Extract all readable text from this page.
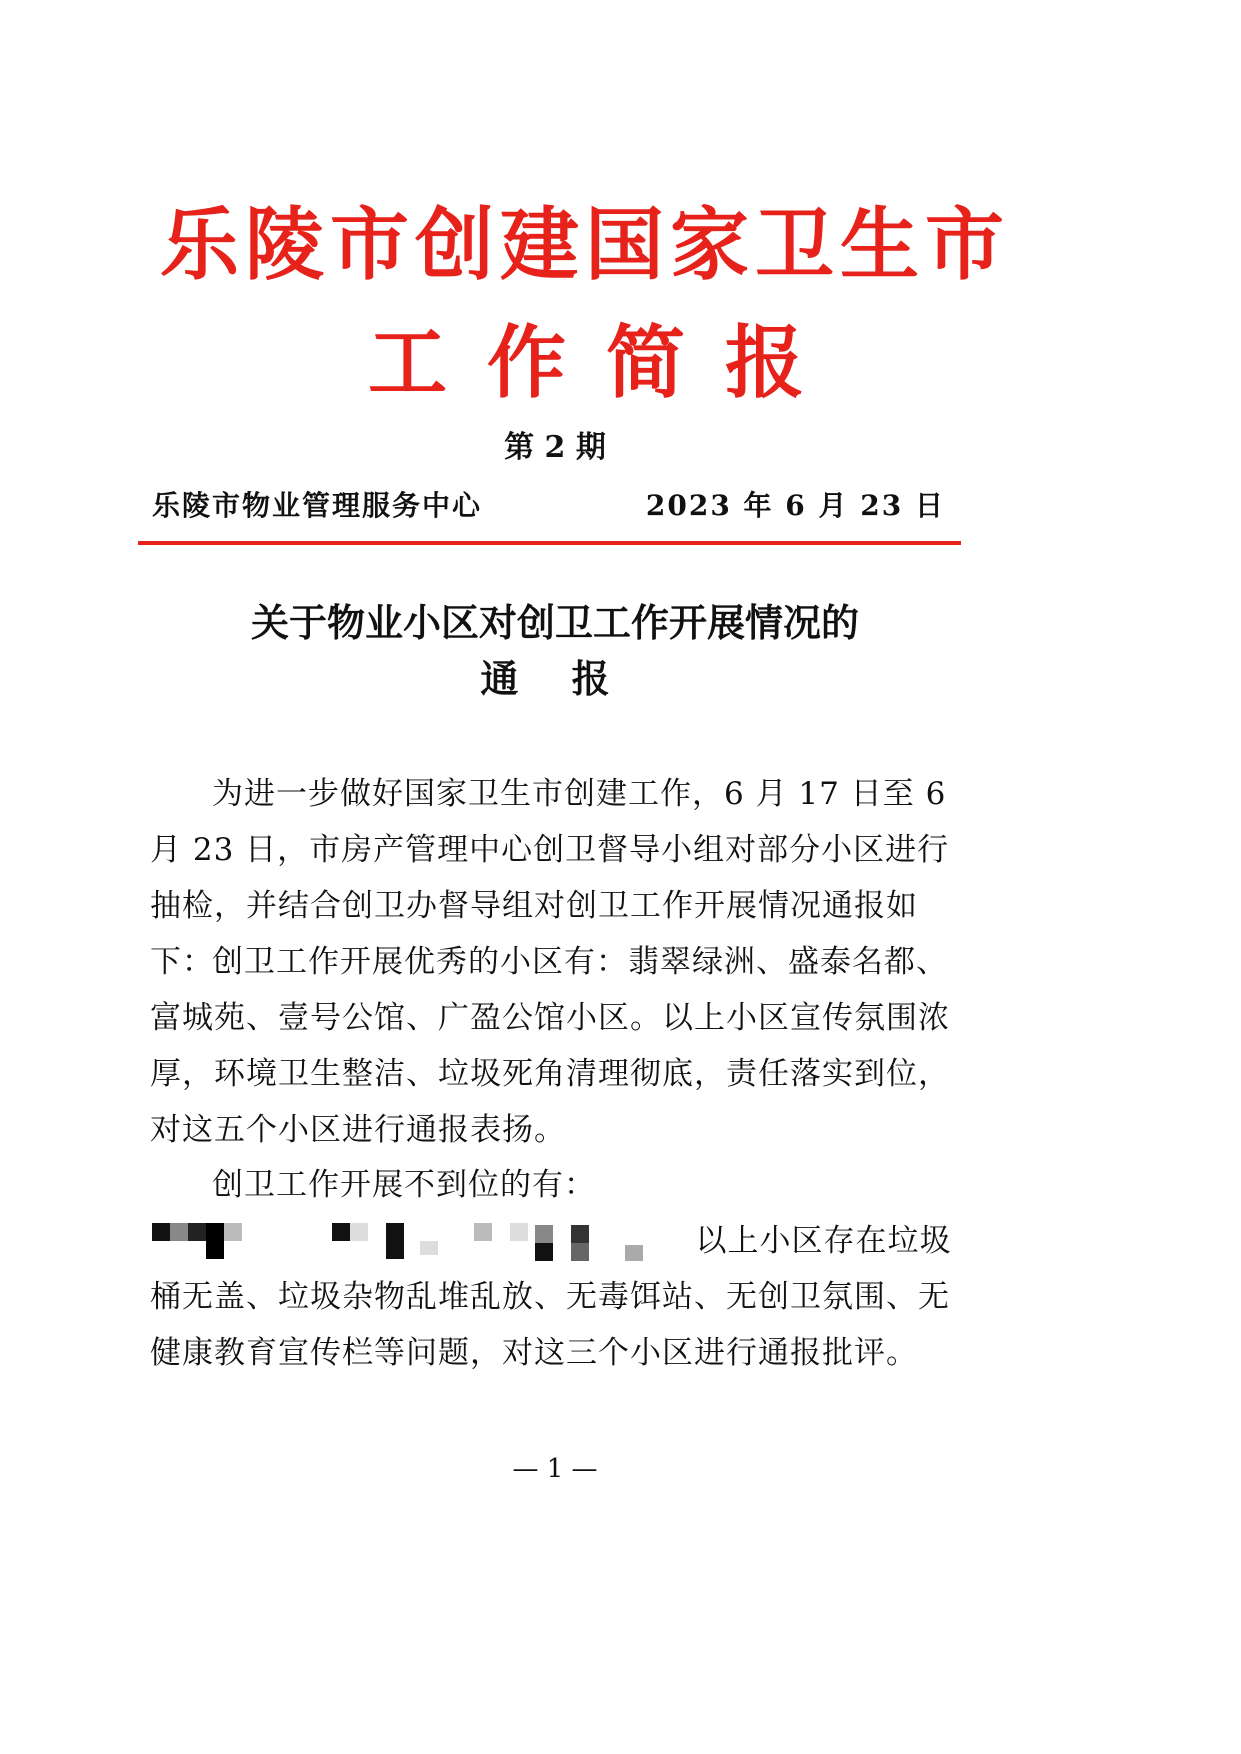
乐陵市创建国家卫生市
工作简报
第 2 期
乐陵市物业管理服务中心	2023 年 6 月 23 日
关于物业小区对创卫工作开展情况的
通 报

为进一步做好国家卫生市创建工作，6 月 17 日至 6 月 23 日，市房产管理中心创卫督导小组对部分小区进行抽检，并结合创卫办督导组对创卫工作开展情况通报如下：

创卫工作开展优秀的小区有：翡翠绿洲、盛泰名都、富城苑、壹号公馆、广盈公馆小区。以上小区宣传氛围浓厚，环境卫生整洁、垃圾死角清理彻底，责任落实到位，对这五个小区进行通报表扬。

创卫工作开展不到位的有：

以上小区存在垃圾桶无盖、垃圾杂物乱堆乱放、无毒饵站、无创卫氛围、无健康教育宣传栏等问题，对这三个小区进行通报批评。

— 1 —
